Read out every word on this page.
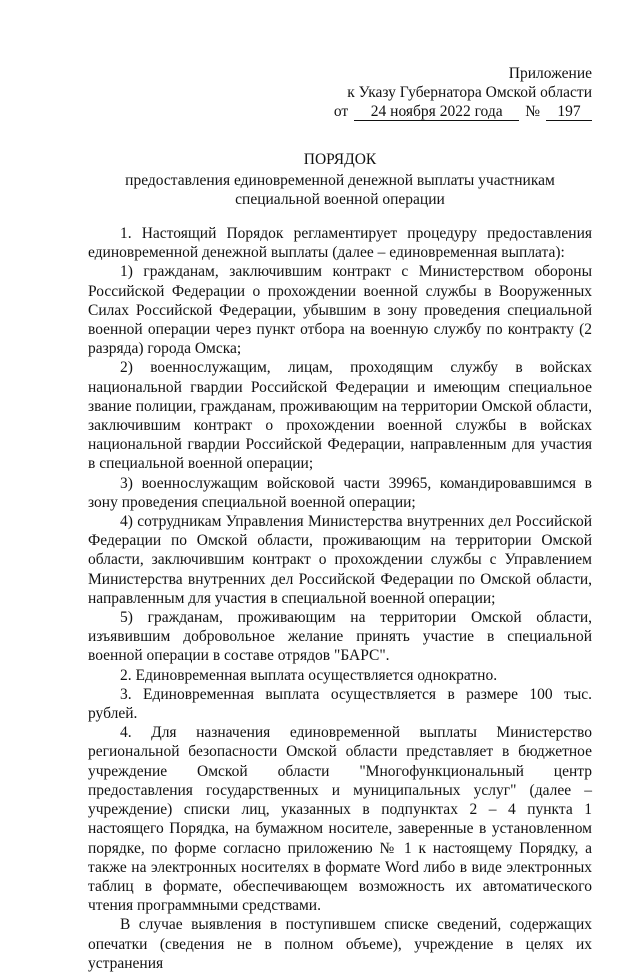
Приложение
к Указу Губернатора Омской области
от	24 ноября 2022 года	№	197
ПОРЯДОК
предоставления единовременной денежной выплаты участникам
специальной военной операции

1. Настоящий Порядок регламентирует процедуру предоставления единовременной денежной выплаты (далее – единовременная выплата):

1) гражданам, заключившим контракт с Министерством обороны Российской Федерации о прохождении военной службы в Вооруженных Силах Российской Федерации, убывшим в зону проведения специальной военной операции через пункт отбора на военную службу по контракту (2 разряда) города Омска;

2) военнослужащим, лицам, проходящим службу в войсках национальной гвардии Российской Федерации и имеющим специальное звание полиции, гражданам, проживающим на территории Омской области, заключившим контракт о прохождении военной службы в войсках национальной гвардии Российской Федерации, направленным для участия в специальной военной операции;

3) военнослужащим войсковой части 39965, командировавшимся в зону проведения специальной военной операции;

4) сотрудникам Управления Министерства внутренних дел Российской Федерации по Омской области, проживающим на территории Омской области, заключившим контракт о прохождении службы с Управлением Министерства внутренних дел Российской Федерации по Омской области, направленным для участия в специальной военной операции;

5) гражданам, проживающим на территории Омской области, изъявившим добровольное желание принять участие в специальной военной операции в составе отрядов "БАРС".

2. Единовременная выплата осуществляется однократно.

3. Единовременная выплата осуществляется в размере 100 тыс. рублей.

4. Для назначения единовременной выплаты Министерство региональной безопасности Омской области представляет в бюджетное учреждение Омской области "Многофункциональный центр предоставления государственных и муниципальных услуг" (далее – учреждение) списки лиц, указанных в подпунктах 2 – 4 пункта 1 настоящего Порядка, на бумажном носителе, заверенные в установленном порядке, по форме согласно приложению № 1 к настоящему Порядку, а также на электронных носителях в формате Word либо в виде электронных таблиц в формате, обеспечивающем возможность их автоматического чтения программными средствами.

В случае выявления в поступившем списке сведений, содержащих опечатки (сведения не в полном объеме), учреждение в целях их устранения
